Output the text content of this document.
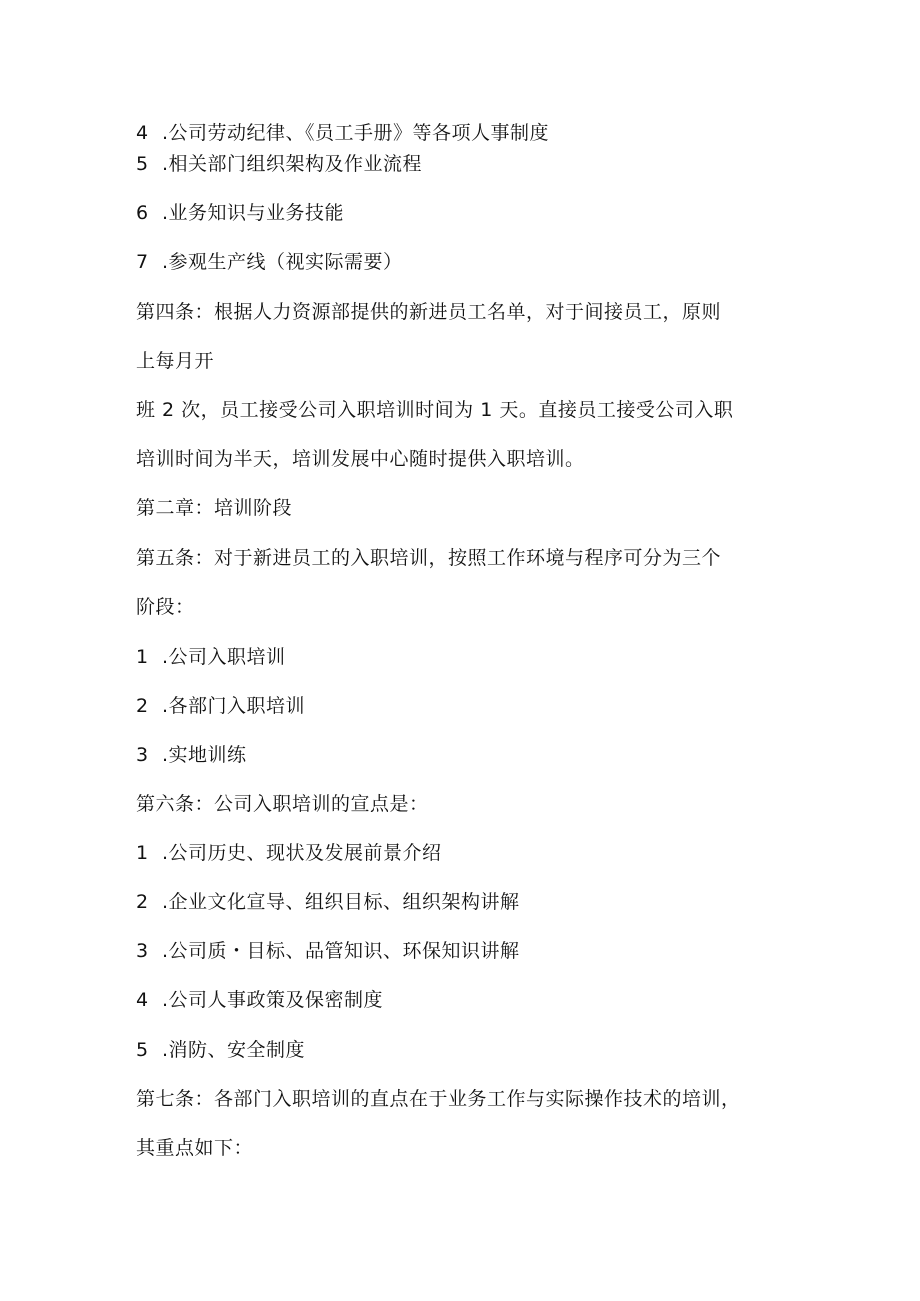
4 .公司劳动纪律、《员工手册》等各项人事制度
5 .相关部门组织架构及作业流程
6 .业务知识与业务技能
7 .参观生产线（视实际需要）
第四条：根据人力资源部提供的新进员工名单，对于间接员工，原则
上每月开
班 2 次，员工接受公司入职培训时间为 1 天。直接员工接受公司入职
培训时间为半天，培训发展中心随时提供入职培训。
第二章：培训阶段
第五条：对于新进员工的入职培训，按照工作环境与程序可分为三个
阶段：
1 .公司入职培训
2 .各部门入职培训
3 .实地训练
第六条：公司入职培训的宣点是：
1 .公司历史、现状及发展前景介绍
2 .企业文化宣导、组织目标、组织架构讲解
3 .公司质・目标、品管知识、环保知识讲解
4 .公司人事政策及保密制度
5 .消防、安全制度
第七条：各部门入职培训的直点在于业务工作与实际操作技术的培训，
其重点如下：
